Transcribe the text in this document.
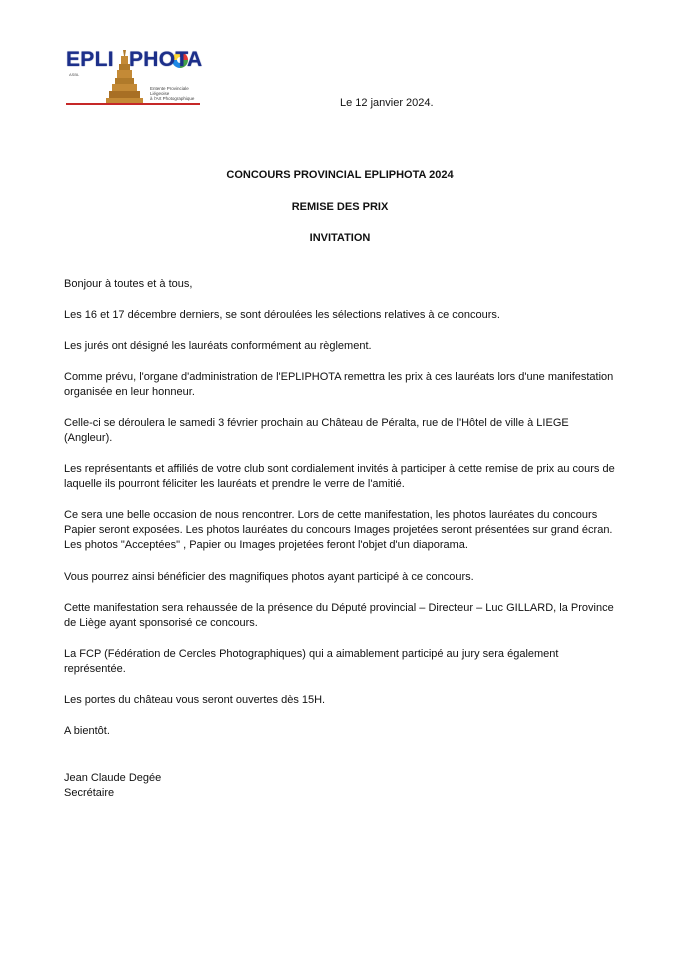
EPLI PHOTA
ASBL
Entente Provinciale
Liégeoise
à l'Art Photographique	Le 12 janvier 2024.
CONCOURS PROVINCIAL EPLIPHOTA 2024
REMISE DES PRIX
INVITATION

Bonjour à toutes et à tous,

Les 16 et 17 décembre derniers, se sont déroulées les sélections relatives à ce concours.

Les jurés ont désigné les lauréats conformément au règlement.

Comme prévu, l'organe d'administration de l'EPLIPHOTA remettra les prix à ces lauréats lors d'une manifestation organisée en leur honneur.

Celle-ci se déroulera le samedi 3 février prochain au Château de Péralta, rue de l'Hôtel de ville à LIEGE (Angleur).

Les représentants et affiliés de votre club sont cordialement invités à participer à cette remise de prix au cours de laquelle ils pourront féliciter les lauréats et prendre le verre de l'amitié.

Ce sera une belle occasion de nous rencontrer. Lors de cette manifestation, les photos lauréates du concours Papier seront exposées. Les photos lauréates du concours Images projetées seront présentées sur grand écran. Les photos "Acceptées" , Papier ou Images projetées feront l'objet d'un diaporama.

Vous pourrez ainsi bénéficier des magnifiques photos ayant participé à ce concours.

Cette manifestation sera rehaussée de la présence du Député provincial – Directeur – Luc GILLARD, la Province de Liège ayant sponsorisé ce concours.

La FCP (Fédération de Cercles Photographiques) qui a aimablement participé au jury sera également représentée.

Les portes du château vous seront ouvertes dès 15H.

A bientôt.

Jean Claude Degée
Secrétaire
